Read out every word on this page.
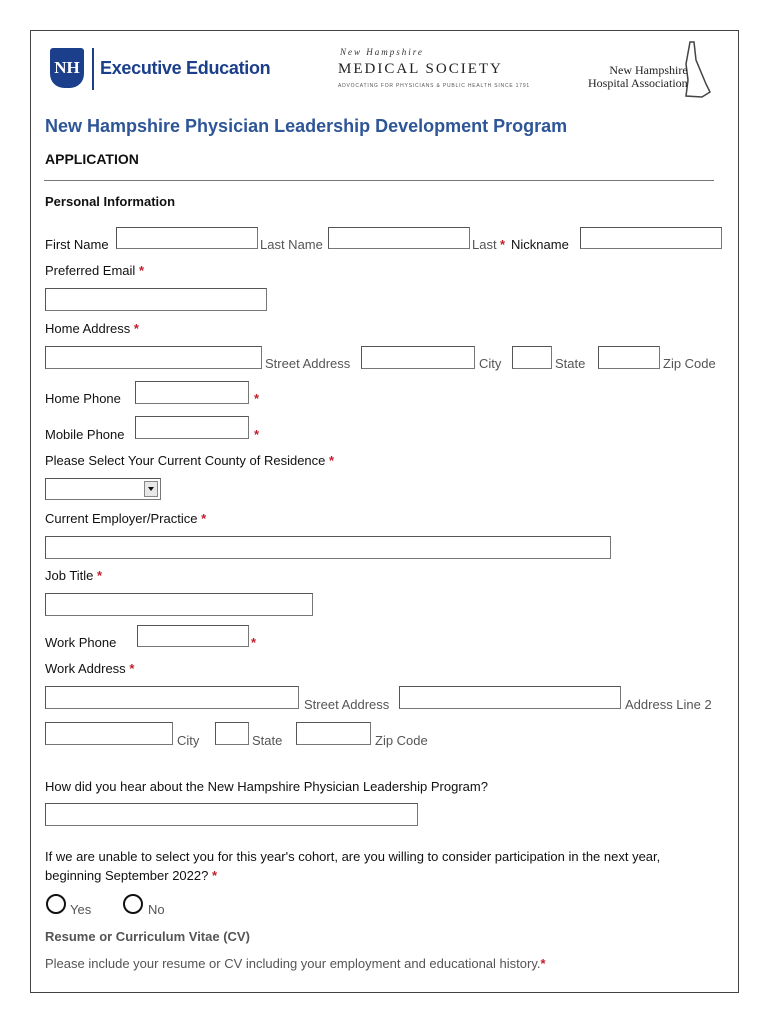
NH Executive Education
New Hampshire
MEDICAL SOCIETY
ADVOCATING FOR PHYSICIANS & PUBLIC HEALTH SINCE 1791
New Hampshire
Hospital Association
New Hampshire Physician Leadership Development Program
APPLICATION
Personal Information
First Name	Last Name	Last * Nickname
Preferred Email *
Home Address *
Street Address	City	State	Zip Code
Home Phone	*
Mobile Phone	*
Please Select Your Current County of Residence *
Current Employer/Practice *
Job Title *
Work Phone	*
Work Address *
Street Address	Address Line 2
City	State	Zip Code
How did you hear about the New Hampshire Physician Leadership Program?
If we are unable to select you for this year's cohort, are you willing to consider participation in the next year,
beginning September 2022? *
Yes	No
Resume or Curriculum Vitae (CV)
Please include your resume or CV including your employment and educational history.*
